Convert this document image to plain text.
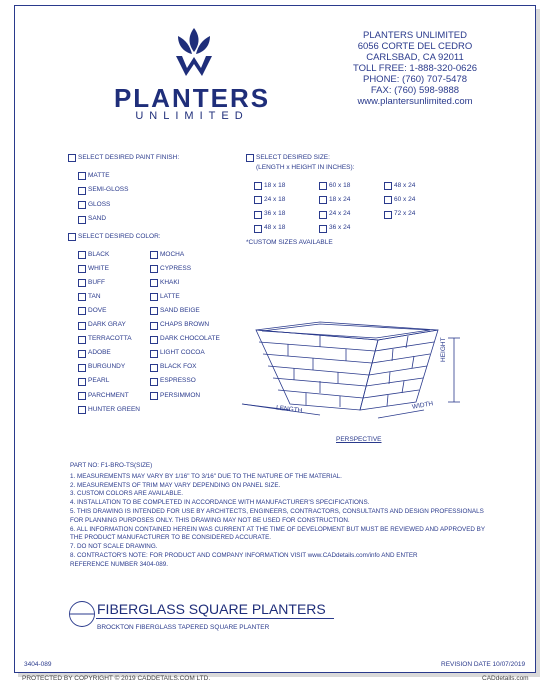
PLANTERS
UNLIMITED
PLANTERS UNLIMITED
6056 CORTE DEL CEDRO
CARLSBAD, CA 92011
TOLL FREE: 1-888-320-0626
PHONE: (760) 707-5478
FAX: (760) 598-9888
www.plantersunlimited.com
SELECT DESIRED PAINT FINISH:
MATTE
SEMI-GLOSS
GLOSS
SAND
SELECT DESIRED COLOR:
BLACK
WHITE
BUFF
TAN
DOVE
DARK GRAY
TERRACOTTA
ADOBE
BURGUNDY
PEARL
PARCHMENT
HUNTER GREEN
MOCHA
CYPRESS
KHAKI
LATTE
SAND BEIGE
CHAPS BROWN
DARK CHOCOLATE
LIGHT COCOA
BLACK FOX
ESPRESSO
PERSIMMON
SELECT DESIRED SIZE:
(LENGTH x HEIGHT IN INCHES):
18 x 18
24 x 18
36 x 18
48 x 18
60 x 18
18 x 24
24 x 24
36 x 24
48 x 24
60 x 24
72 x 24
*CUSTOM SIZES AVAILABLE
LENGTH	WIDTH
HEIGHT
PERSPECTIVE
PART NO: F1-BRO-TS(SIZE)
1. MEASUREMENTS MAY VARY BY 1/16" TO 3/16" DUE TO THE NATURE OF THE MATERIAL.
2. MEASUREMENTS OF TRIM MAY VARY DEPENDING ON PANEL SIZE.
3. CUSTOM COLORS ARE AVAILABLE.
4. INSTALLATION TO BE COMPLETED IN ACCORDANCE WITH MANUFACTURER'S SPECIFICATIONS.
5. THIS DRAWING IS INTENDED FOR USE BY ARCHITECTS, ENGINEERS, CONTRACTORS, CONSULTANTS AND DESIGN PROFESSIONALS
FOR PLANNING PURPOSES ONLY. THIS DRAWING MAY NOT BE USED FOR CONSTRUCTION.
6. ALL INFORMATION CONTAINED HEREIN WAS CURRENT AT THE TIME OF DEVELOPMENT BUT MUST BE REVIEWED AND APPROVED BY
THE PRODUCT MANUFACTURER TO BE CONSIDERED ACCURATE.
7. DO NOT SCALE DRAWING.
8. CONTRACTOR'S NOTE: FOR PRODUCT AND COMPANY INFORMATION VISIT www.CADdetails.com/info AND ENTER
REFERENCE NUMBER 3404-089.
FIBERGLASS SQUARE PLANTERS
BROCKTON FIBERGLASS TAPERED SQUARE PLANTER
3404-089	REVISION DATE 10/07/2019
PROTECTED BY COPYRIGHT © 2019 CADDETAILS.COM LTD.	CADdetails.com
